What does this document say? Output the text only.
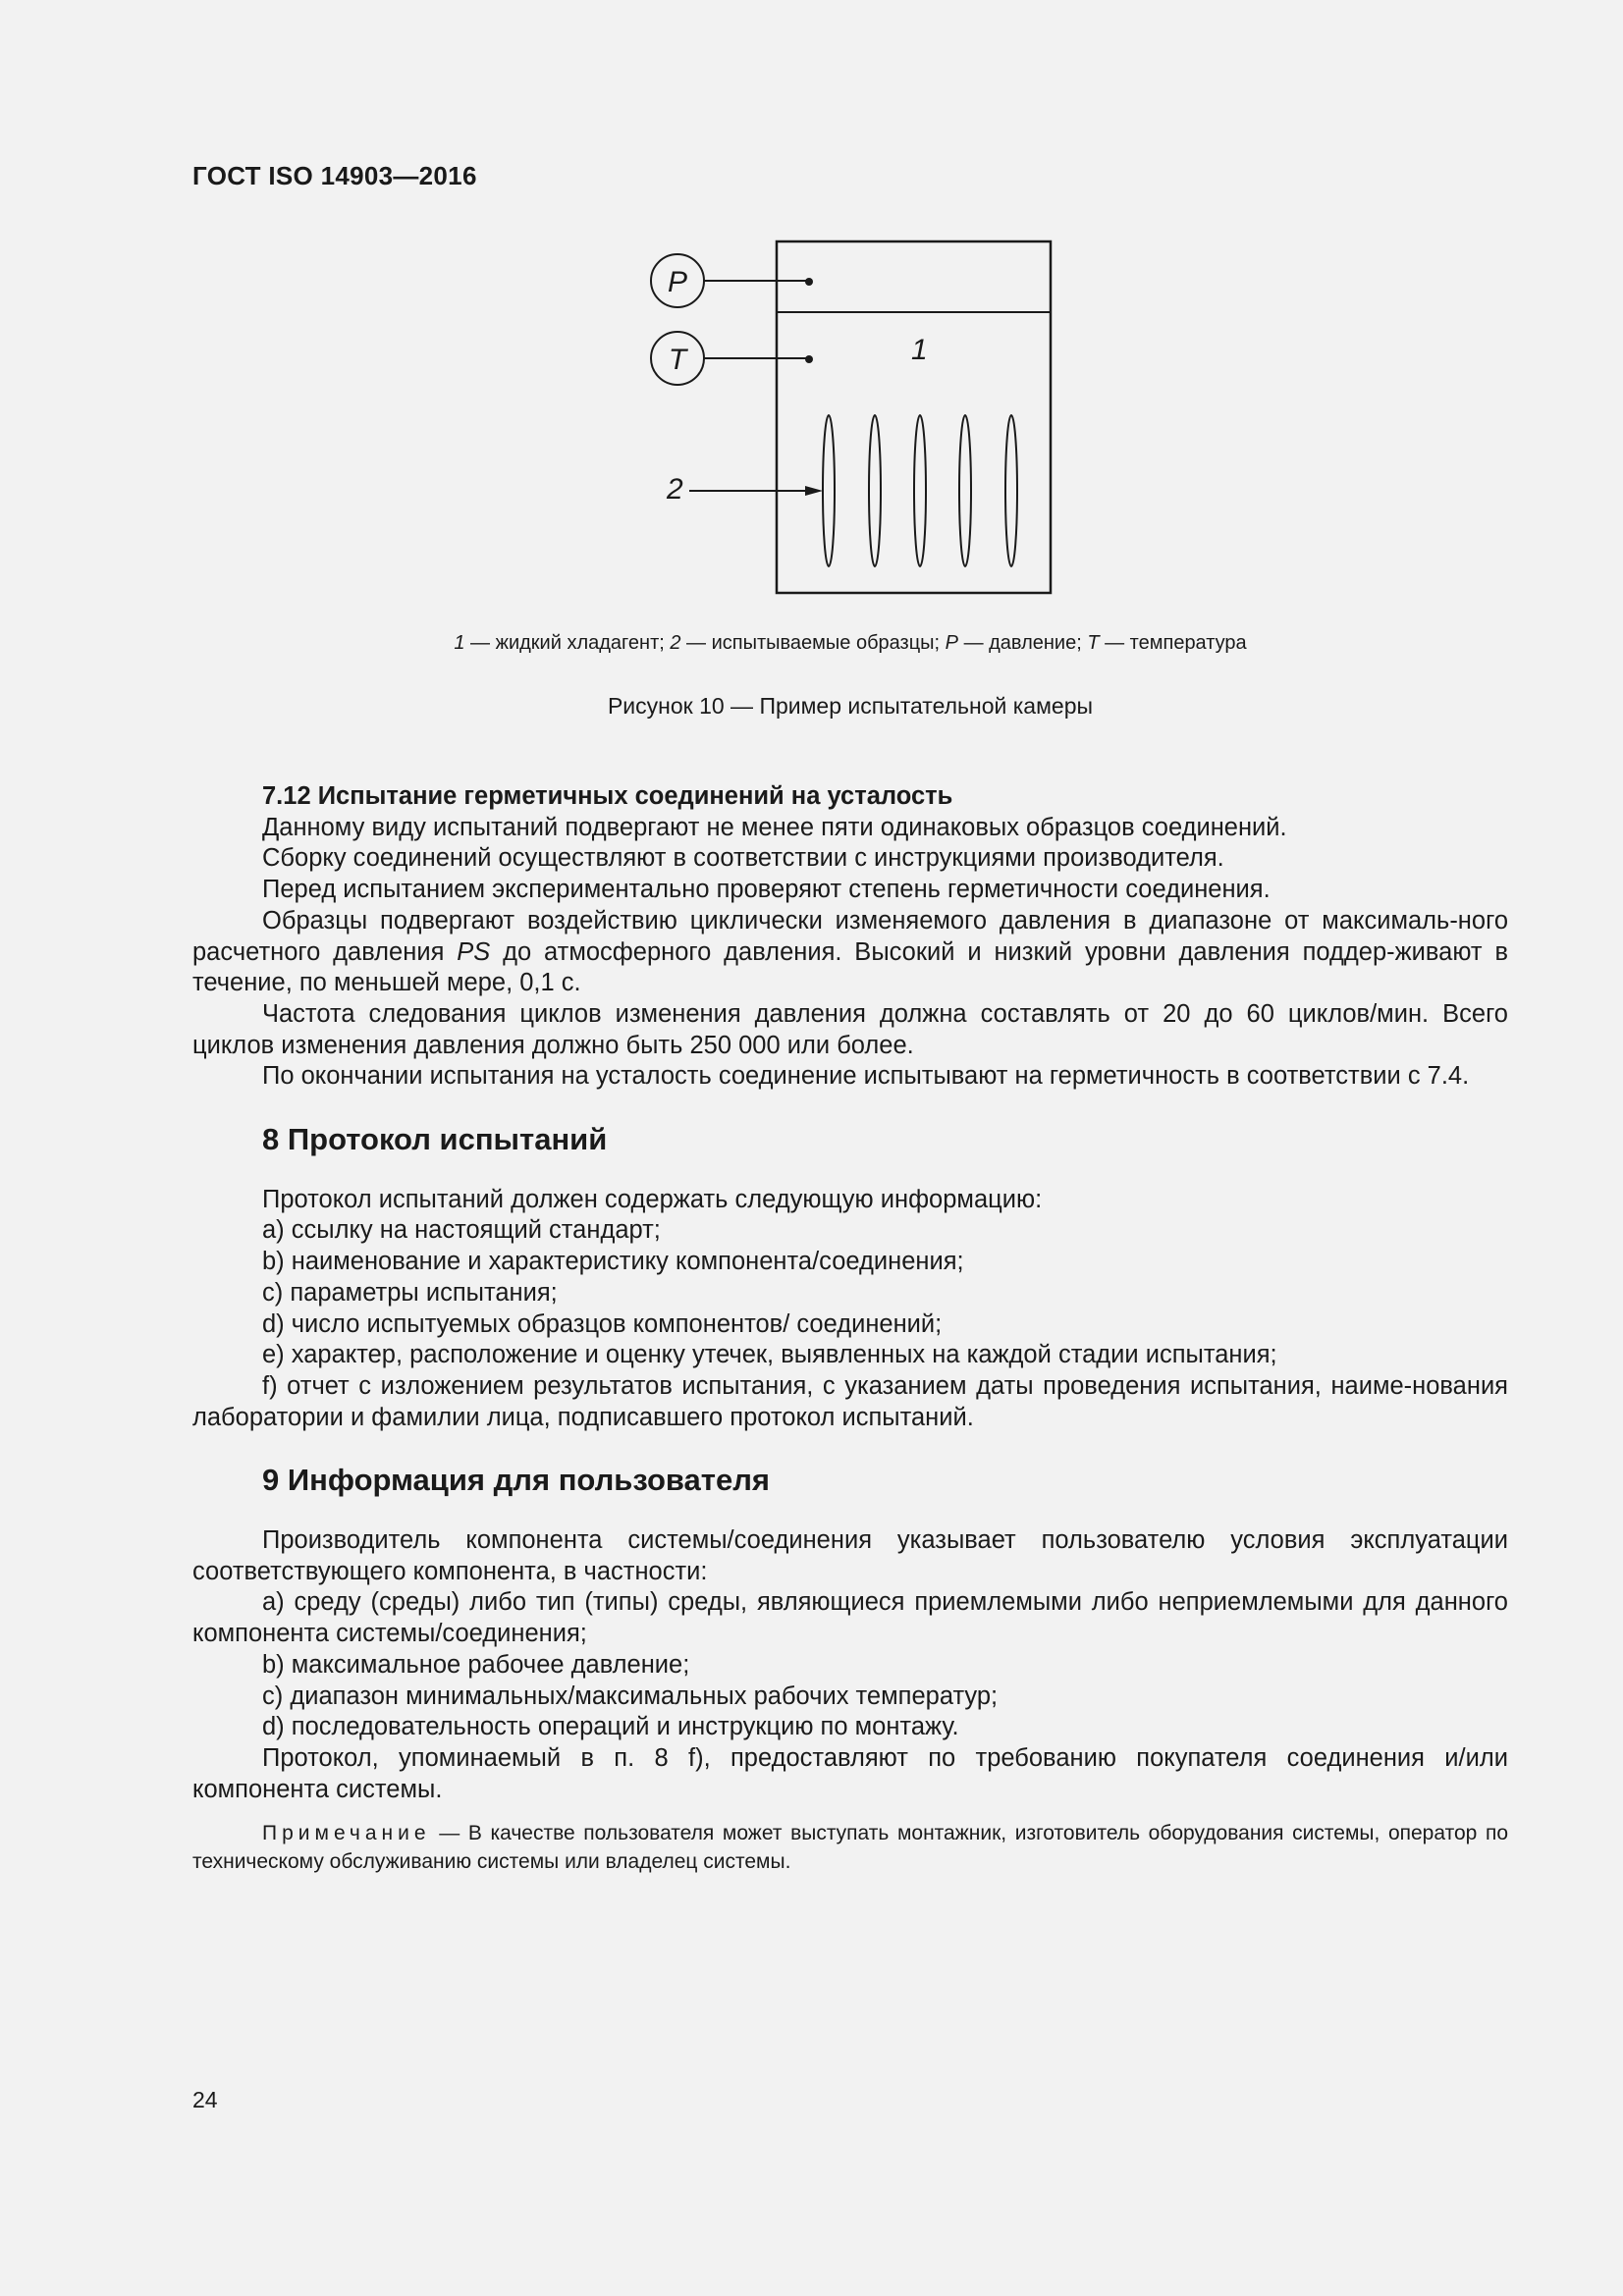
ГОСТ ISO 14903—2016
P
T	1
2
1 — жидкий хладагент; 2 — испытываемые образцы; P — давление; T — температура
Рисунок 10 — Пример испытательной камеры

7.12 Испытание герметичных соединений на усталость

Данному виду испытаний подвергают не менее пяти одинаковых образцов соединений.

Сборку соединений осуществляют в соответствии с инструкциями производителя.

Перед испытанием экспериментально проверяют степень герметичности соединения.

Образцы подвергают воздействию циклически изменяемого давления в диапазоне от максималь-ного расчетного давления PS до атмосферного давления. Высокий и низкий уровни давления поддер-живают в течение, по меньшей мере, 0,1 с.

Частота следования циклов изменения давления должна составлять от 20 до 60 циклов/мин. Всего циклов изменения давления должно быть 250 000 или более.

По окончании испытания на усталость соединение испытывают на герметичность в соответствии с 7.4.

8 Протокол испытаний

Протокол испытаний должен содержать следующую информацию:

a) ссылку на настоящий стандарт;

b) наименование и характеристику компонента/соединения;

c) параметры испытания;

d) число испытуемых образцов компонентов/ соединений;

e) характер, расположение и оценку утечек, выявленных на каждой стадии испытания;

f) отчет с изложением результатов испытания, с указанием даты проведения испытания, наиме-нования лаборатории и фамилии лица, подписавшего протокол испытаний.

9 Информация для пользователя

Производитель компонента системы/соединения указывает пользователю условия эксплуатации соответствующего компонента, в частности:

a) среду (среды) либо тип (типы) среды, являющиеся приемлемыми либо неприемлемыми для данного компонента системы/соединения;

b) максимальное рабочее давление;

c) диапазон минимальных/максимальных рабочих температур;

d) последовательность операций и инструкцию по монтажу.

Протокол, упоминаемый в п. 8 f), предоставляют по требованию покупателя соединения и/или компонента системы.

Примечание — В качестве пользователя может выступать монтажник, изготовитель оборудования системы, оператор по техническому обслуживанию системы или владелец системы.

24
